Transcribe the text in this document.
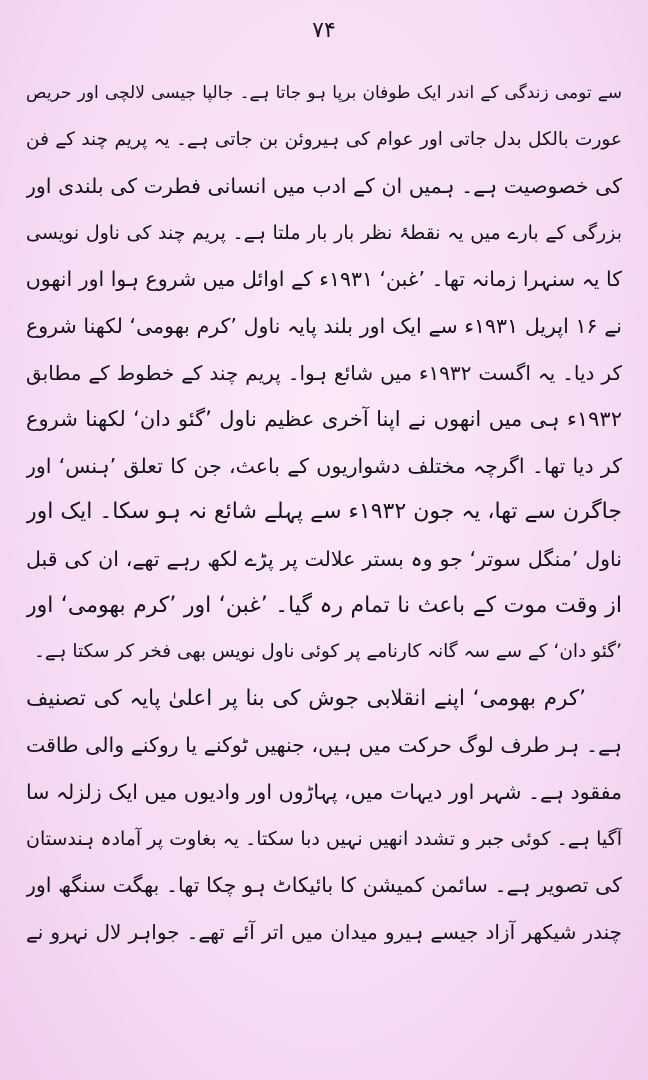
۷۴
سے تومی زندگی کے اندر ایک طوفان برپا ہو جاتا ہے۔ جالپا جیسی لالچی اور حریص
عورت بالکل بدل جاتی اور عوام کی ہیروئن بن جاتی ہے۔ یہ پریم چند کے فن
کی خصوصیت ہے۔ ہمیں ان کے ادب میں انسانی فطرت کی بلندی اور
بزرگی کے بارے میں یہ نقطۂ نظر بار بار ملتا ہے۔ پریم چند کی ناول نویسی
کا یہ سنہرا زمانہ تھا۔ ’غبن‘ ۱۹۳۱ء کے اوائل میں شروع ہوا اور انھوں
نے ۱۶ اپریل ۱۹۳۱ء سے ایک اور بلند پایہ ناول ’کرم بھومی‘ لکھنا شروع
کر دیا۔ یہ اگست ۱۹۳۲ء میں شائع ہوا۔ پریم چند کے خطوط کے مطابق
۱۹۳۲ء ہی میں انھوں نے اپنا آخری عظیم ناول ’گئو دان‘ لکھنا شروع
کر دیا تھا۔ اگرچہ مختلف دشواریوں کے باعث، جن کا تعلق ’ہنس‘ اور
جاگرن سے تھا، یہ جون ۱۹۳۲ء سے پہلے شائع نہ ہو سکا۔ ایک اور
ناول ’منگل سوتر‘ جو وہ بستر علالت پر پڑے لکھ رہے تھے، ان کی قبل
از وقت موت کے باعث نا تمام رہ گیا۔ ’غبن‘ اور ’کرم بھومی‘ اور
’گئو دان‘ کے سے سہ گانہ کارنامے پر کوئی ناول نویس بھی فخر کر سکتا ہے۔
’کرم بھومی‘ اپنے انقلابی جوش کی بنا پر اعلیٰ پایہ کی تصنیف
ہے۔ ہر طرف لوگ حرکت میں ہیں، جنھیں ٹوکنے یا روکنے والی طاقت
مفقود ہے۔ شہر اور دیہات میں، پہاڑوں اور وادیوں میں ایک زلزلہ سا
آگیا ہے۔ کوئی جبر و تشدد انھیں نہیں دبا سکتا۔ یہ بغاوت پر آمادہ ہندستان
کی تصویر ہے۔ سائمن کمیشن کا بائیکاٹ ہو چکا تھا۔ بھگت سنگھ اور
چندر شیکھر آزاد جیسے ہیرو میدان میں اتر آئے تھے۔ جواہر لال نہرو نے
